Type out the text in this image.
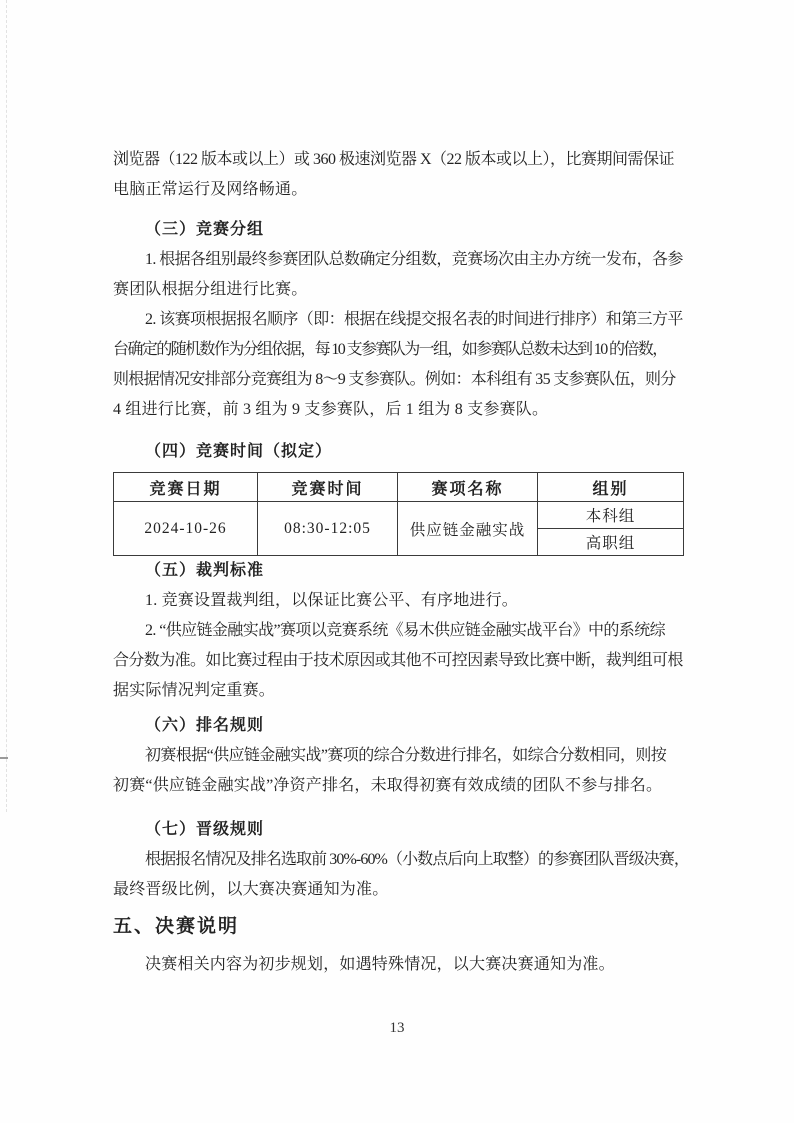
浏览器（122 版本或以上）或 360 极速浏览器 X（22 版本或以上），比赛期间需保证
电脑正常运行及网络畅通。
（三）竞赛分组
1. 根据各组别最终参赛团队总数确定分组数，竞赛场次由主办方统一发布，各参
赛团队根据分组进行比赛。
2. 该赛项根据报名顺序（即：根据在线提交报名表的时间进行排序）和第三方平
台确定的随机数作为分组依据，每 10 支参赛队为一组，如参赛队总数未达到 10 的倍数，
则根据情况安排部分竞赛组为 8～9 支参赛队。例如：本科组有 35 支参赛队伍，则分
4 组进行比赛，前 3 组为 9 支参赛队，后 1 组为 8 支参赛队。
（四）竞赛时间（拟定）
竞赛日期	竞赛时间	赛项名称	组别
2024-10-26	08:30-12:05	供应链金融实战	本科组
			高职组
（五）裁判标准
1. 竞赛设置裁判组，以保证比赛公平、有序地进行。
2. “供应链金融实战”赛项以竞赛系统《易木供应链金融实战平台》中的系统综
合分数为准。如比赛过程由于技术原因或其他不可控因素导致比赛中断，裁判组可根
据实际情况判定重赛。
（六）排名规则
初赛根据“供应链金融实战”赛项的综合分数进行排名，如综合分数相同，则按
初赛“供应链金融实战”净资产排名，未取得初赛有效成绩的团队不参与排名。
（七）晋级规则
根据报名情况及排名选取前 30%-60%（小数点后向上取整）的参赛团队晋级决赛，
最终晋级比例，以大赛决赛通知为准。
五、决赛说明
决赛相关内容为初步规划，如遇特殊情况，以大赛决赛通知为准。
13
